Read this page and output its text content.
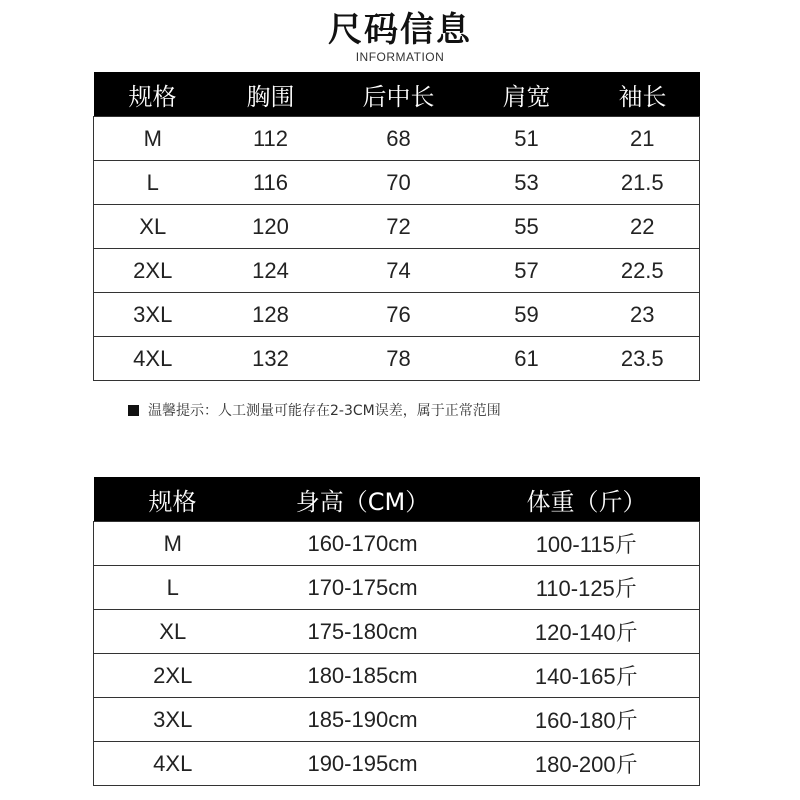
尺码信息
INFORMATION
规格	胸围	后中长	肩宽	袖长
M	112	68	51	21
L	116	70	53	21.5
XL	120	72	55	22
2XL	124	74	57	22.5
3XL	128	76	59	23
4XL	132	78	61	23.5
温馨提示：人工测量可能存在2-3CM误差，属于正常范围
规格	身高（CM）	体重（斤）
M	160-170cm	100-115斤
L	170-175cm	110-125斤
XL	175-180cm	120-140斤
2XL	180-185cm	140-165斤
3XL	185-190cm	160-180斤
4XL	190-195cm	180-200斤
